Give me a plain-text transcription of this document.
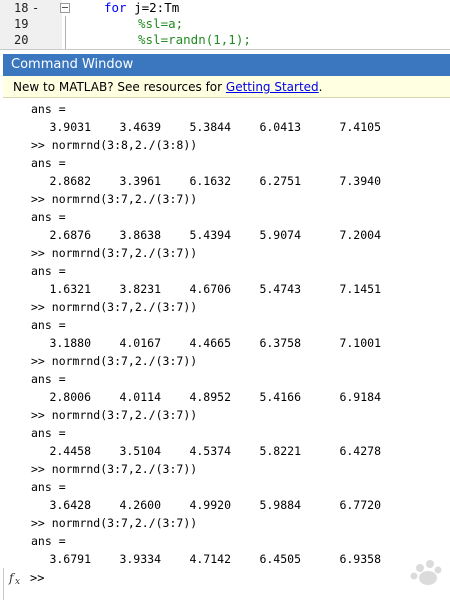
18 -	for j=2:Tm
19	%sl=a;
20	%sl=randn(1,1);
Command Window
New to MATLAB? See resources for Getting Started.
ans =
3.9031	3.4639	5.3844	6.0413	7.4105
>> normrnd(3:8,2./(3:8))
ans =
2.8682	3.3961	6.1632	6.2751	7.3940
>> normrnd(3:7,2./(3:7))
ans =
2.6876	3.8638	5.4394	5.9074	7.2004
>> normrnd(3:7,2./(3:7))
ans =
1.6321	3.8231	4.6706	5.4743	7.1451
>> normrnd(3:7,2./(3:7))
ans =
3.1880	4.0167	4.4665	6.3758	7.1001
>> normrnd(3:7,2./(3:7))
ans =
2.8006	4.0114	4.8952	5.4166	6.9184
>> normrnd(3:7,2./(3:7))
ans =
2.4458	3.5104	4.5374	5.8221	6.4278
>> normrnd(3:7,2./(3:7))
ans =
3.6428	4.2600	4.9920	5.9884	6.7720
>> normrnd(3:7,2./(3:7))
ans =
3.6791	3.9334	4.7142	6.4505	6.9358
f x >>
